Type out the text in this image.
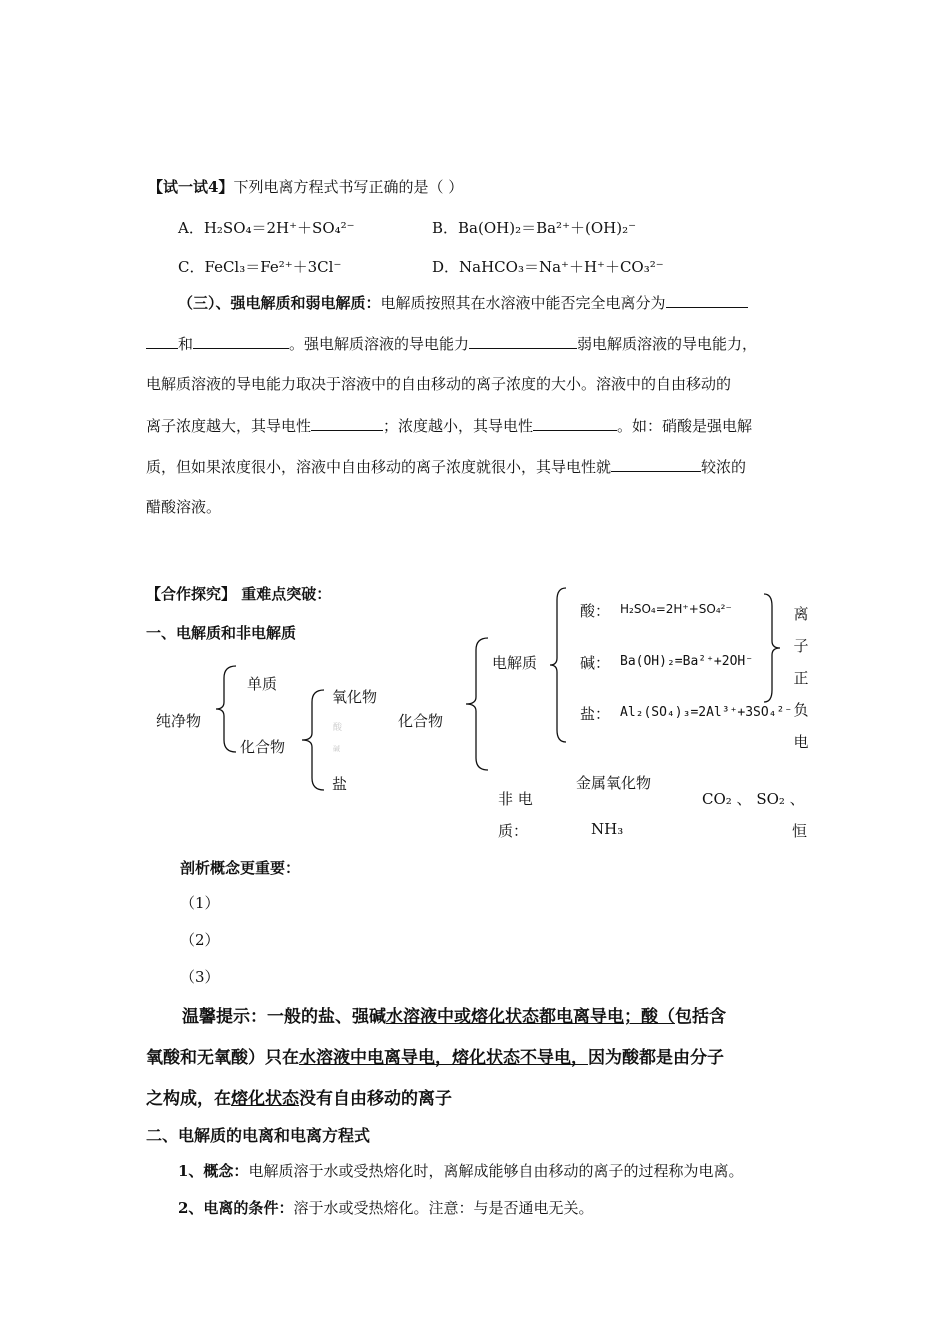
【试一试4】下列电离方程式书写正确的是（ ）
A．H₂SO₄＝2H⁺＋SO₄²⁻	B．Ba(OH)₂＝Ba²⁺＋(OH)₂⁻
C．FeCl₃＝Fe²⁺＋3Cl⁻	D．NaHCO₃＝Na⁺＋H⁺＋CO₃²⁻
（三）、强电解质和弱电解质：电解质按照其在水溶液中能否完全电离分为
和	。强电解质溶液的导电能力	弱电解质溶液的导电能力，
电解质溶液的导电能力取决于溶液中的自由移动的离子浓度的大小。溶液中的自由移动的
离子浓度越大，其导电性	；浓度越小，其导电性	。如：硝酸是强电解
质，但如果浓度很小，溶液中自由移动的离子浓度就很小，其导电性就	较浓的
醋酸溶液。
【合作探究】 重难点突破：
一、电解质和非电解质
纯净物
单质
化合物
氧化物
酸
碱
盐
化合物
电解质
酸： H₂SO₄=2H⁺+SO₄²⁻
碱： Ba(OH)₂=Ba²⁺+2OH⁻
盐： Al₂(SO₄)₃=2Al³⁺+3SO₄²⁻
离
子
正
负
电
恒
非 电
质：
金属氧化物
NH₃
CO₂ 、 SO₂ 、
剖析概念更重要：
（1）
（2）
（3）
温馨提示：一般的盐、强碱水溶液中或熔化状态都电离导电；酸（包括含
氧酸和无氧酸）只在水溶液中电离导电，熔化状态不导电，因为酸都是由分子
之构成，在熔化状态没有自由移动的离子
二、电解质的电离和电离方程式
1、概念：电解质溶于水或受热熔化时，离解成能够自由移动的离子的过程称为电离。
2、电离的条件：溶于水或受热熔化。注意：与是否通电无关。
